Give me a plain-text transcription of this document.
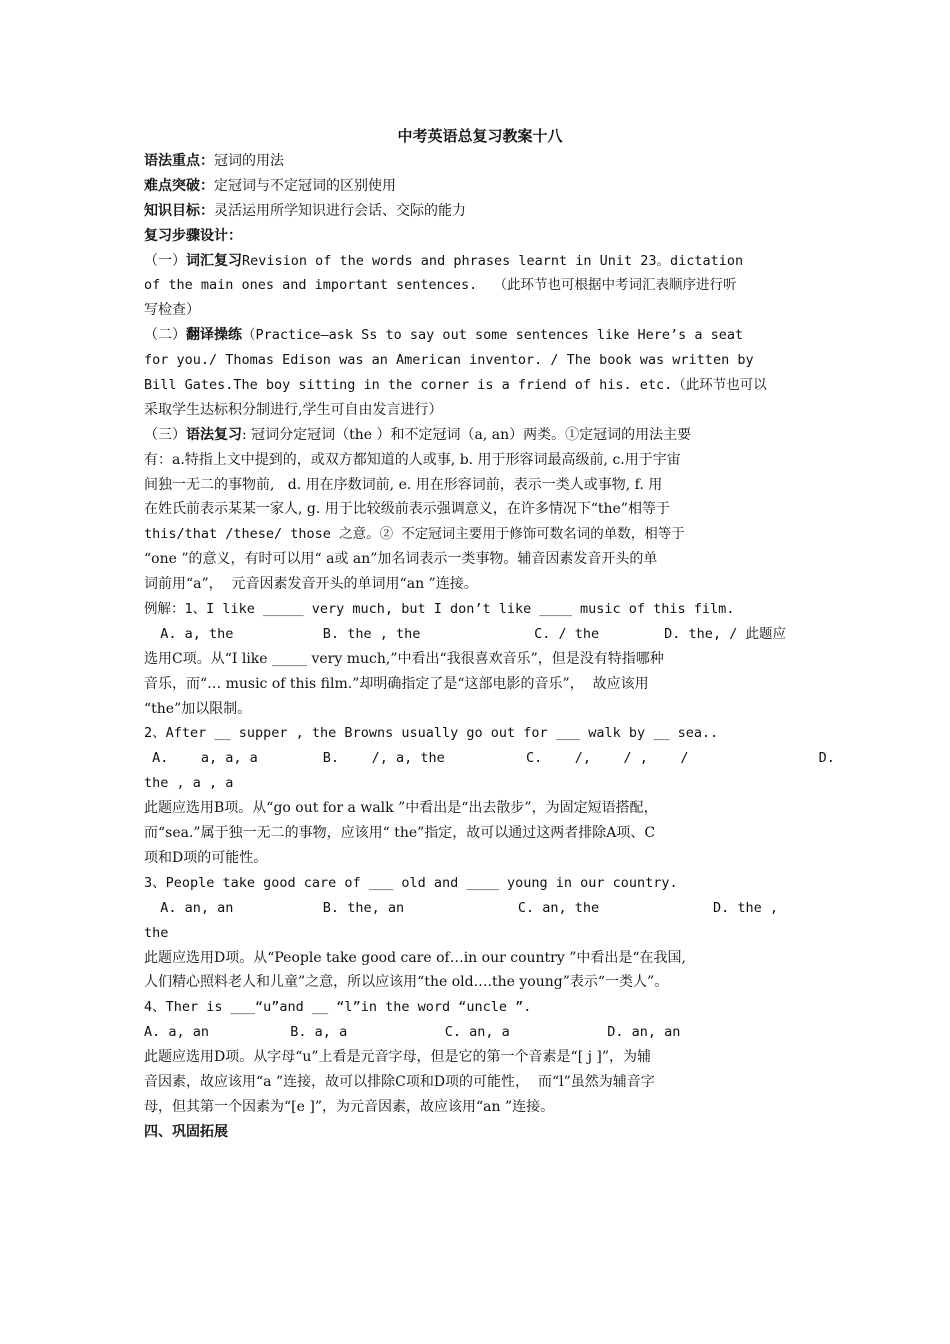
中考英语总复习教案十八

语法重点：冠词的用法
难点突破：定冠词与不定冠词的区别使用
知识目标：灵活运用所学知识进行会话、交际的能力
复习步骤设计：
（一）词汇复习Revision of the words and phrases learnt in Unit 23。dictation
of the main ones and important sentences.  （此环节也可根据中考词汇表顺序进行听
写检查）
（二）翻译操练（Practice—ask Ss to say out some sentences like Here’s a seat
for you./ Thomas Edison was an American inventor. / The book was written by
Bill Gates.The boy sitting in the corner is a friend of his. etc.（此环节也可以
采取学生达标积分制进行,学生可自由发言进行）
（三）语法复习: 冠词分定冠词（the ）和不定冠词（a, an）两类。①定冠词的用法主要
有：a.特指上文中提到的，或双方都知道的人或事, b. 用于形容词最高级前, c.用于宇宙
间独一无二的事物前,   d. 用在序数词前, e. 用在形容词前，表示一类人或事物, f. 用
在姓氏前表示某某一家人, g. 用于比较级前表示强调意义，在许多情况下“the”相等于
this/that /these/ those 之意。② 不定冠词主要用于修饰可数名词的单数，相等于
“one ”的意义，有时可以用“ a或 an”加名词表示一类事物。辅音因素发音开头的单
词前用“a”，  元音因素发音开头的单词用“an ”连接。
例解：1、I like _____ very much, but I don’t like ____ music of this film.
A. a, the           B. the , the              C. / the        D. the, / 此题应
选用C项。从“I like _____ very much,”中看出“我很喜欢音乐”，但是没有特指哪种
音乐，而“… music of this film.”却明确指定了是“这部电影的音乐”，  故应该用
“the”加以限制。
2、After __ supper , the Browns usually go out for ___ walk by __ sea..
A.    a, a, a        B.    /, a, the          C.    /,    / ,    /                D.
the , a , a
此题应选用B项。从“go out for a walk ”中看出是“出去散步”，为固定短语搭配，
而“sea.”属于独一无二的事物，应该用“ the”指定，故可以通过这两者排除A项、C
项和D项的可能性。
3、People take good care of ___ old and ____ young in our country.
A. an, an           B. the, an              C. an, the              D. the ,
the
此题应选用D项。从“People take good care of…in our country ”中看出是“在我国,
人们精心照料老人和儿童”之意，所以应该用“the old….the young”表示“一类人”。
4、Ther is ___“u”and __ “l”in the word “uncle ”.
A. a, an          B. a, a            C. an, a            D. an, an
此题应选用D项。从字母“u”上看是元音字母，但是它的第一个音素是“[ j ]”，为辅
音因素，故应该用“a ”连接，故可以排除C项和D项的可能性，  而“l”虽然为辅音字
母，但其第一个因素为“[e ]”，为元音因素，故应该用“an ”连接。
四、巩固拓展
